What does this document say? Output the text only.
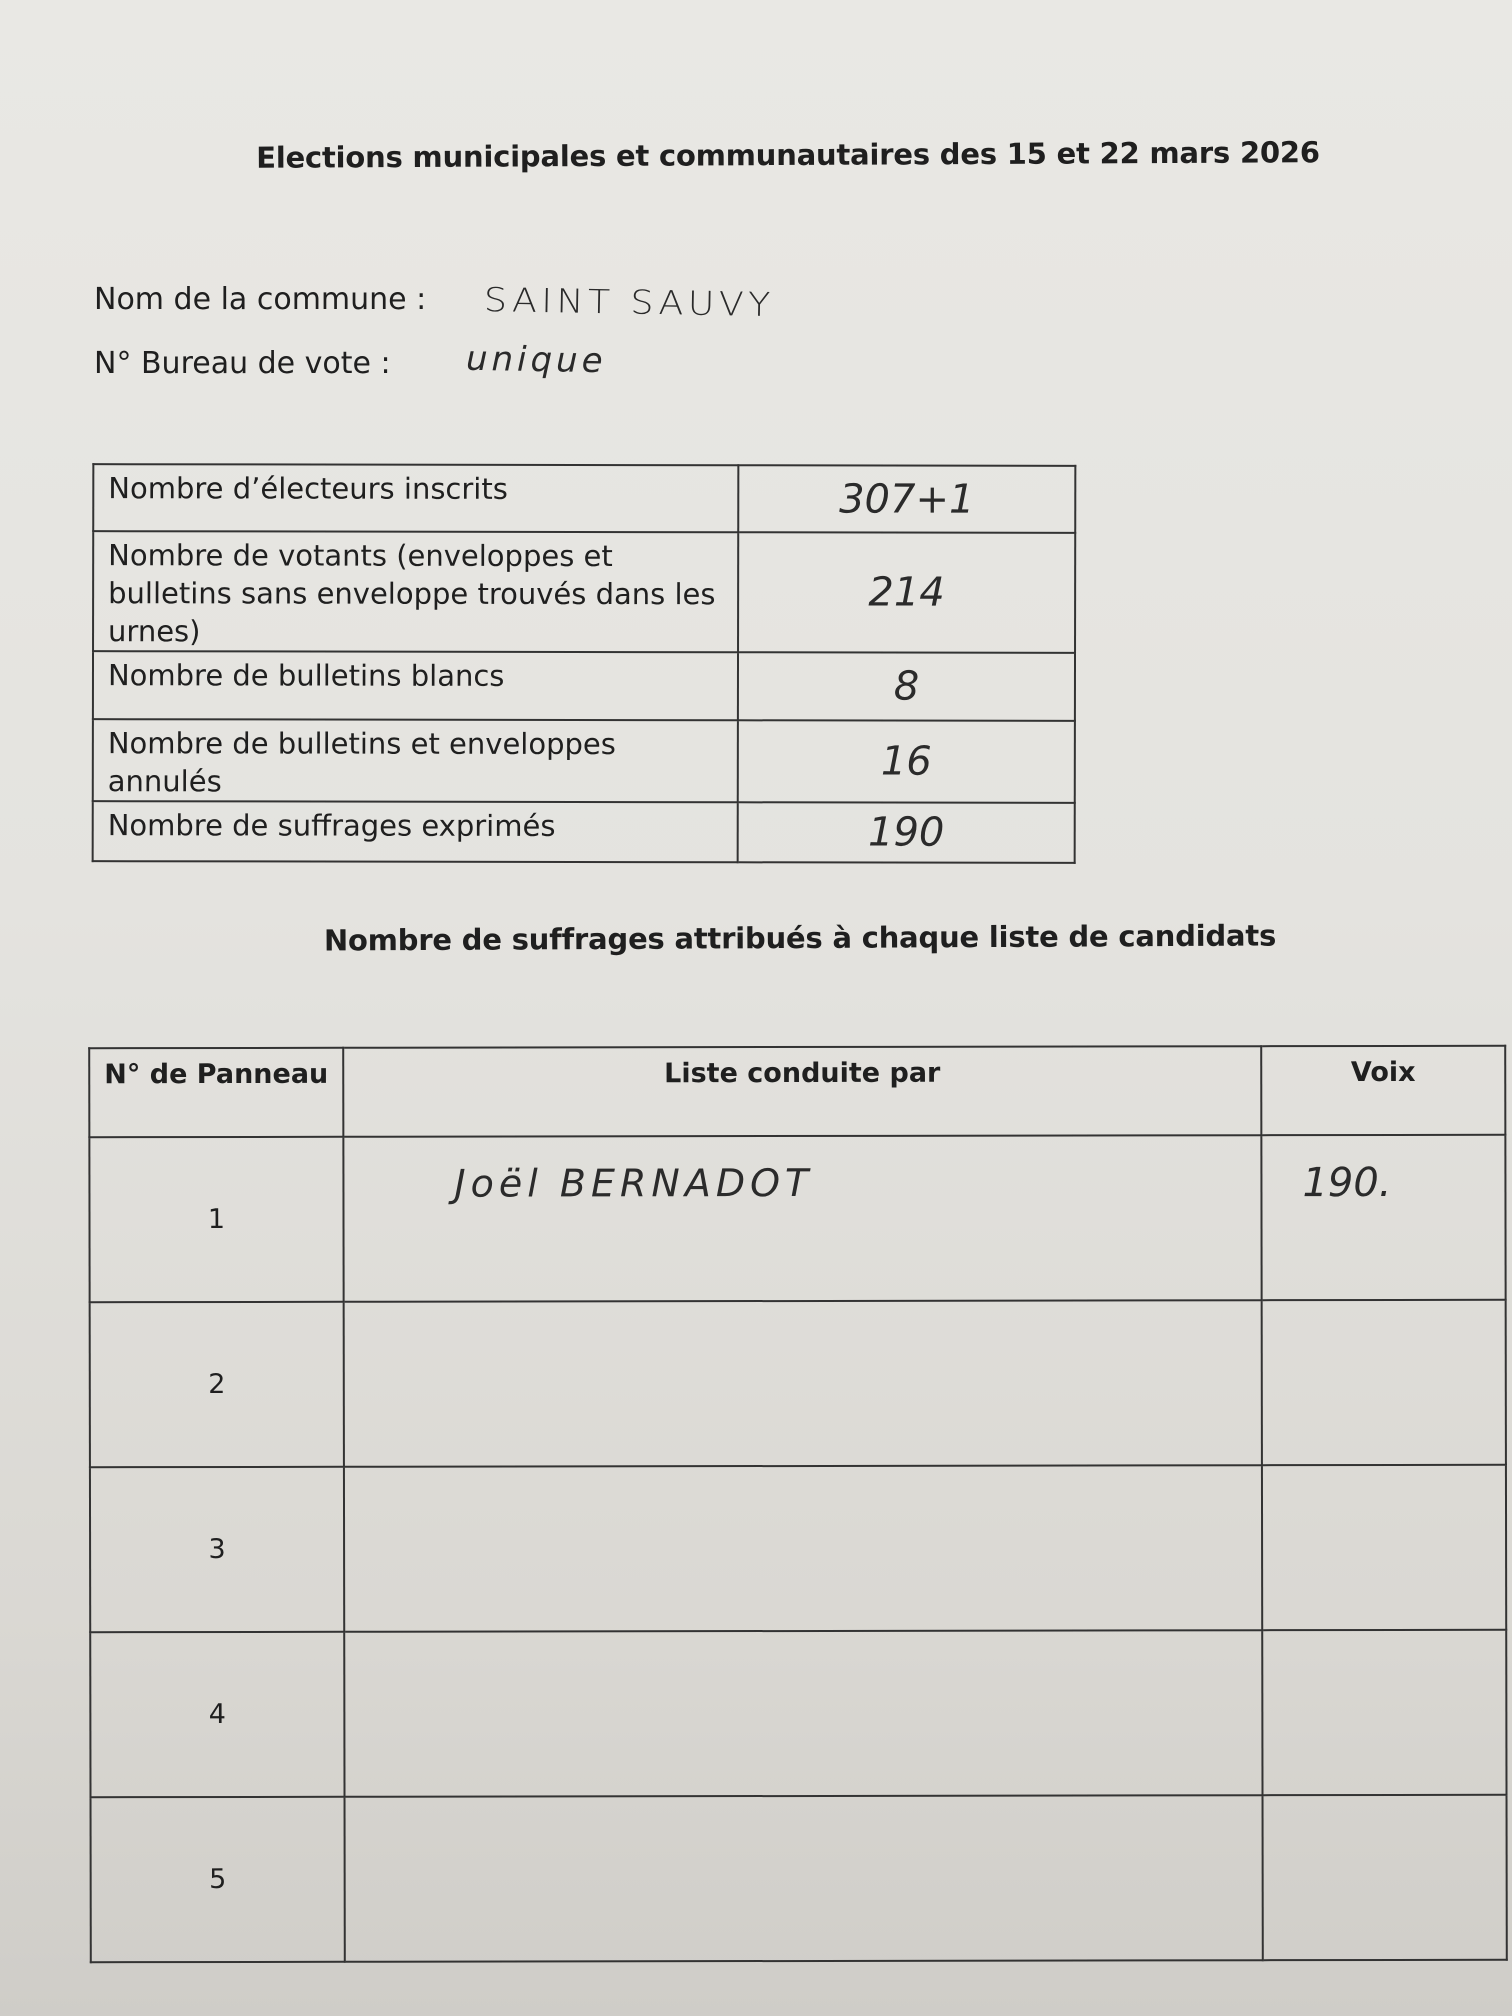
Elections municipales et communautaires des 15 et 22 mars 2026
Nom de la commune : SAINT SAUVY
N° Bureau de vote : unique
Nombre d’électeurs inscrits	307+1
Nombre de votants (enveloppes et bulletins sans enveloppe trouvés dans les urnes)	214
Nombre de bulletins blancs	8
Nombre de bulletins et enveloppes annulés	16
Nombre de suffrages exprimés	190
Nombre de suffrages attribués à chaque liste de candidats
N° de Panneau	Liste conduite par	Voix
1	Joël BERNADOT	190.
2		
3		
4		
5		
